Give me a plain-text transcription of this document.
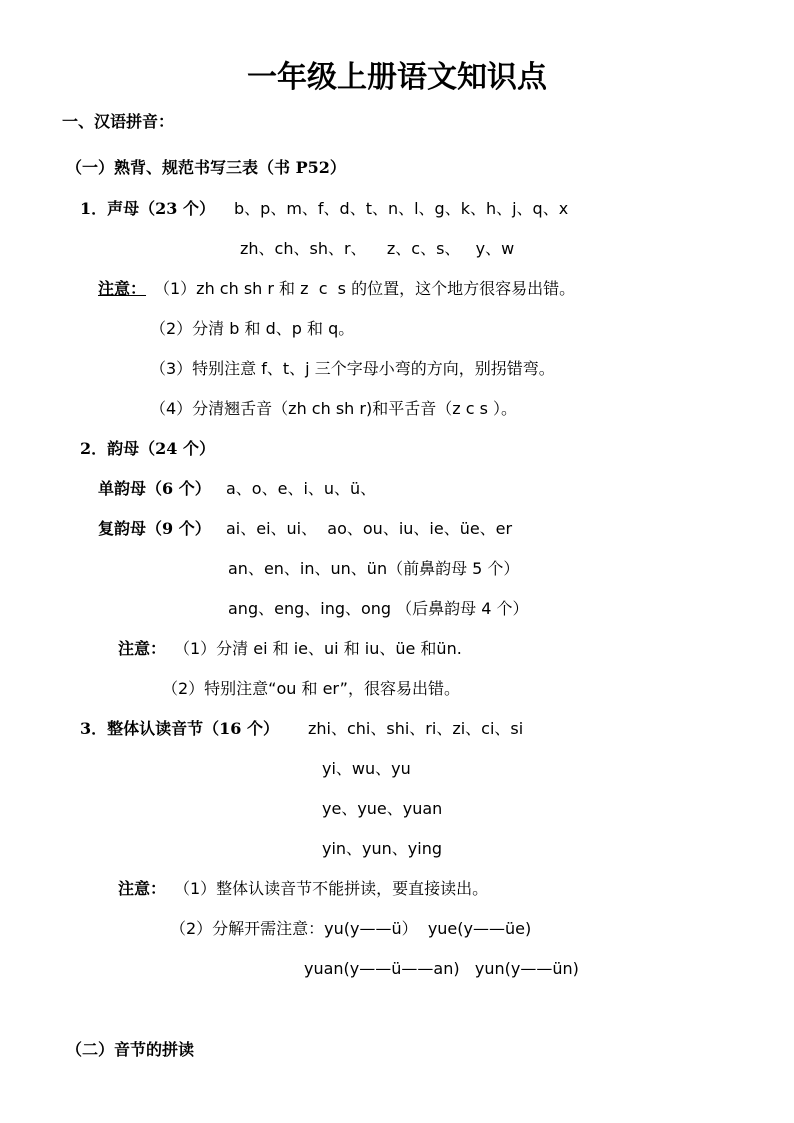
一年级上册语文知识点
一、汉语拼音：
（一）熟背、规范书写三表（书 P52）
1．声母（23 个） b、p、m、f、d、t、n、l、g、k、h、j、q、x
zh、ch、sh、r、    z、c、s、   y、w
注意： （1）zh ch sh r 和 z  c  s 的位置，这个地方很容易出错。
（2）分清 b 和 d、p 和 q。
（3）特别注意 f、t、j 三个字母小弯的方向，别拐错弯。
（4）分清翘舌音（zh ch sh r)和平舌音（z c s ）。
2．韵母（24 个）
单韵母（6 个） a、o、e、i、u、ü、
复韵母（9 个） ai、ei、ui、  ao、ou、iu、ie、üe、er
an、en、in、un、ün（前鼻韵母 5 个）
ang、eng、ing、ong （后鼻韵母 4 个）
注意： （1）分清 ei 和 ie、ui 和 iu、üe 和ün.
（2）特别注意“ou 和 er”，很容易出错。
3．整体认读音节（16 个） zhi、chi、shi、ri、zi、ci、si
yi、wu、yu
ye、yue、yuan
yin、yun、ying
注意： （1）整体认读音节不能拼读，要直接读出。
（2）分解开需注意：yu(y——ü）  yue(y——üe)
yuan(y——ü——an)   yun(y——ün)
（二）音节的拼读
